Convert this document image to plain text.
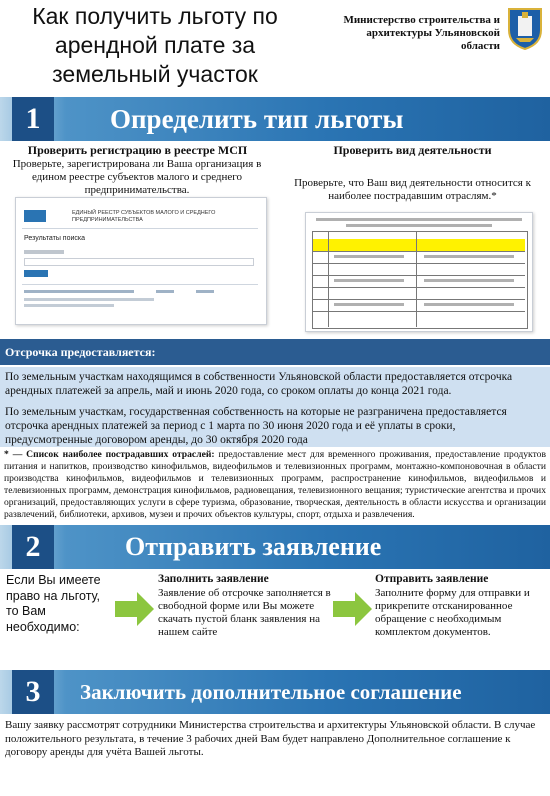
Как получить льготу по арендной плате за земельный участок
Министерство строительства и архитектуры Ульяновской области
1	Определить тип льготы
Проверить регистрацию в реестре МСП
Проверьте, зарегистрирована ли Ваша организация в едином реестре субъектов малого и среднего предпринимательства.
ЕДИНЫЙ РЕЕСТР СУБЪЕКТОВ МАЛОГО И СРЕДНЕГО ПРЕДПРИНИМАТЕЛЬСТВА
Результаты поиска
Проверить вид деятельности
Проверьте, что Ваш вид деятельности относится к наиболее пострадавшим отраслям.*
Отсрочка предоставляется:
По земельным участкам находящимся в собственности Ульяновской области предоставляется отсрочка арендных платежей за апрель, май и июнь 2020 года, со сроком оплаты до конца 2021 года.
По земельным участкам, государственная собственность на которые не разграничена предоставляется отсрочка арендных платежей за период с 1 марта по 30 июня 2020 года и её уплаты в сроки, предусмотренные договором аренды, до 30 октября 2020 года
* — Список наиболее пострадавших отраслей: предоставление мест для временного проживания, предоставление продуктов питания и напитков, производство кинофильмов, видеофильмов и телевизионных программ, монтажно-компоновочная в области производства кинофильмов, видеофильмов и телевизионных программ, распространение кинофильмов, видеофильмов и телевизионных программ, демонстрация кинофильмов, радиовещания, телевизионного вещания; туристические агентства и прочих организаций, предоставляющих услуги в сфере туризма, образование, творческая, деятельность в области искусства и организации развлечений, библиотеки, архивов, музеи и прочих объектов культуры, спорт, отдыха и развлечения.
2	Отправить заявление
Если Вы имеете право на льготу, то Вам необходимо:
Заполнить заявление
Заявление об отсрочке заполняется в свободной форме или Вы можете скачать пустой бланк заявления на нашем сайте
Отправить заявление
Заполните форму для отправки и прикрепите отсканированное обращение с необходимым комплектом документов.
3	Заключить дополнительное соглашение
Вашу заявку рассмотрят сотрудники Министерства строительства и архитектуры Ульяновской области. В случае положительного результата, в течение 3 рабочих дней Вам будет направлено Дополнительное соглашение к договору аренды для учёта Вашей льготы.
